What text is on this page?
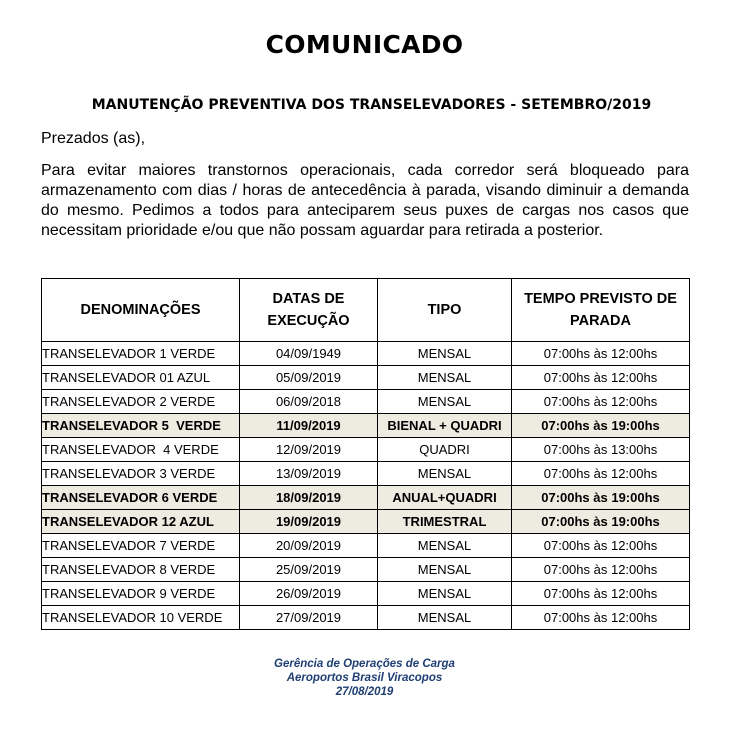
COMUNICADO
MANUTENÇÃO PREVENTIVA DOS TRANSELEVADORES - SETEMBRO/2019
Prezados (as),
Para evitar maiores transtornos operacionais, cada corredor será bloqueado para armazenamento com dias / horas de antecedência à parada, visando diminuir a demanda do mesmo. Pedimos a todos para anteciparem seus puxes de cargas nos casos que necessitam prioridade e/ou que não possam aguardar para retirada a posterior.
DENOMINAÇÕES	DATAS DE EXECUÇÃO	TIPO	TEMPO PREVISTO DE PARADA

TRANSELEVADOR 1 VERDE	04/09/1949	MENSAL	07:00hs às 12:00hs
TRANSELEVADOR 01 AZUL	05/09/2019	MENSAL	07:00hs às 12:00hs
TRANSELEVADOR 2 VERDE	06/09/2018	MENSAL	07:00hs às 12:00hs
TRANSELEVADOR 5  VERDE	11/09/2019	BIENAL + QUADRI	07:00hs às 19:00hs
TRANSELEVADOR  4 VERDE	12/09/2019	QUADRI	07:00hs às 13:00hs
TRANSELEVADOR 3 VERDE	13/09/2019	MENSAL	07:00hs às 12:00hs
TRANSELEVADOR 6 VERDE	18/09/2019	ANUAL+QUADRI	07:00hs às 19:00hs
TRANSELEVADOR 12 AZUL	19/09/2019	TRIMESTRAL	07:00hs às 19:00hs
TRANSELEVADOR 7 VERDE	20/09/2019	MENSAL	07:00hs às 12:00hs
TRANSELEVADOR 8 VERDE	25/09/2019	MENSAL	07:00hs às 12:00hs
TRANSELEVADOR 9 VERDE	26/09/2019	MENSAL	07:00hs às 12:00hs
TRANSELEVADOR 10 VERDE	27/09/2019	MENSAL	07:00hs às 12:00hs
Gerência de Operações de Carga
Aeroportos Brasil Viracopos
27/08/2019
